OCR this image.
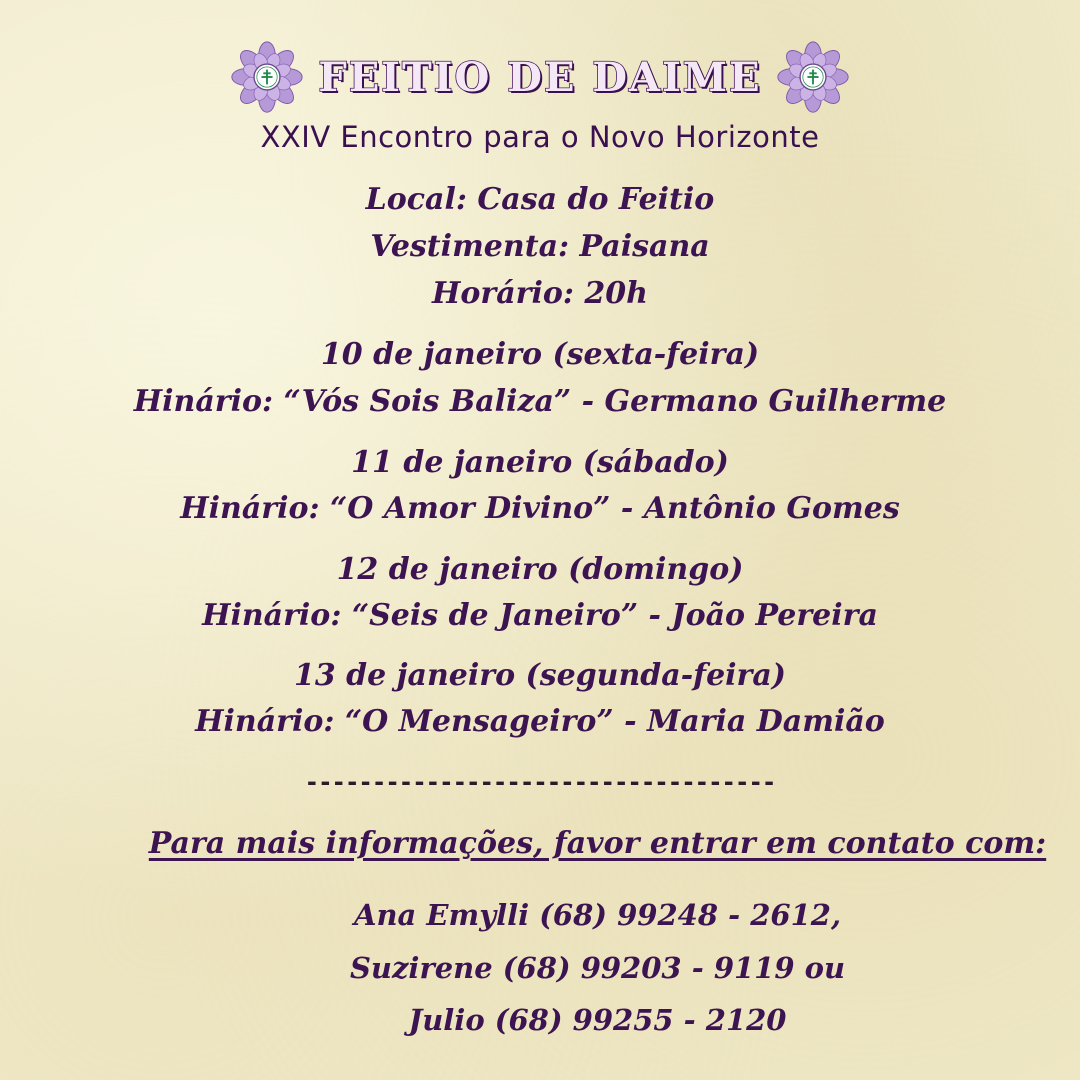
FEITIO DE DAIME
XXIV Encontro para o Novo Horizonte
Local: Casa do Feitio
Vestimenta: Paisana
Horário: 20h
10 de janeiro (sexta-feira)
Hinário: “Vós Sois Baliza” - Germano Guilherme
11 de janeiro (sábado)
Hinário: “O Amor Divino” - Antônio Gomes
12 de janeiro (domingo)
Hinário: “Seis de Janeiro” - João Pereira
13 de janeiro (segunda-feira)
Hinário: “O Mensageiro” - Maria Damião
-----------------------------------
Para mais informações, favor entrar em contato com:
Ana Emylli (68) 99248 - 2612,
Suzirene (68) 99203 - 9119 ou
Julio (68) 99255 - 2120
